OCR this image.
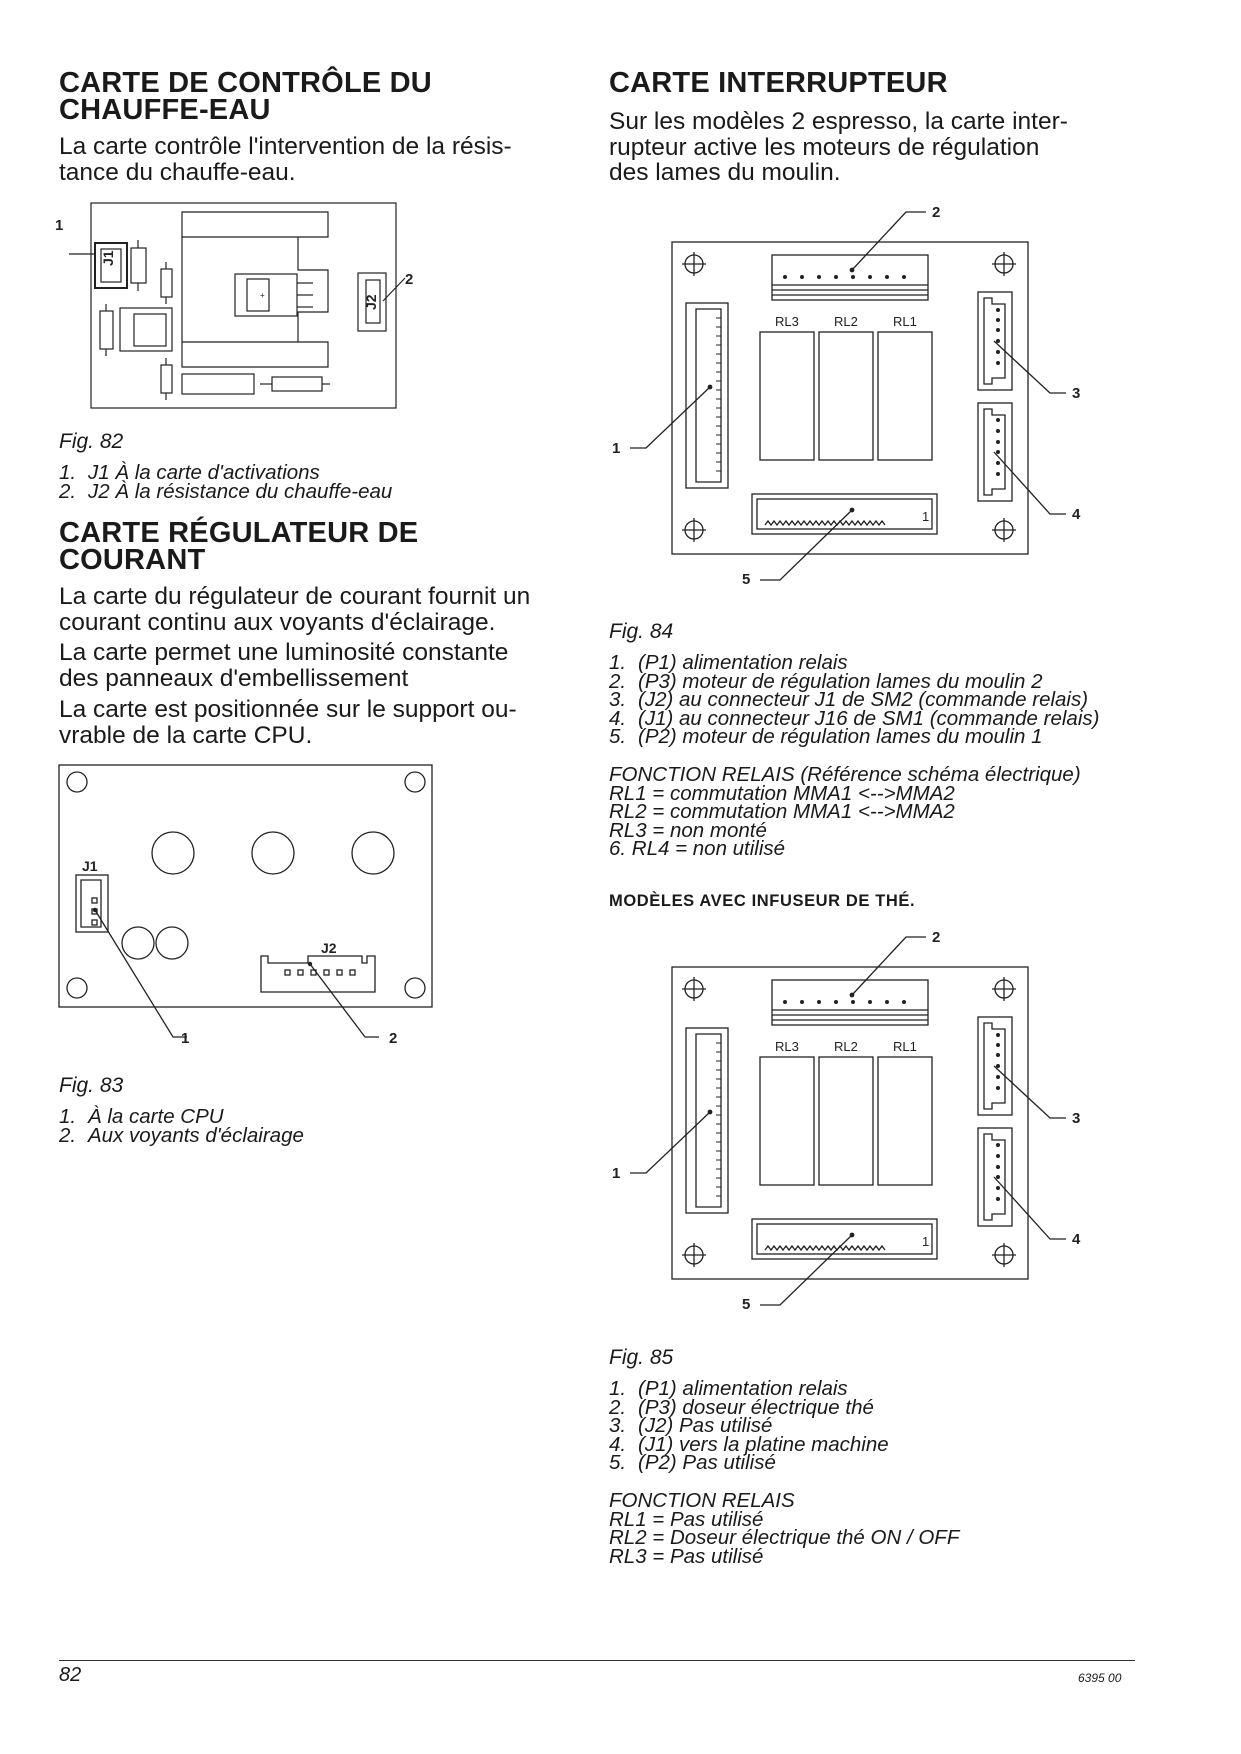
CARTE DE CONTRÔLE DU
CHAUFFE-EAU

La carte contrôle l'intervention de la résis-
tance du chauffe-eau.

+
J1
J2
1
2
Fig. 82
1. J1 À la carte d'activations
2. J2 À la résistance du chauffe-eau
CARTE RÉGULATEUR DE
COURANT

La carte du régulateur de courant fournit un
courant continu aux voyants d'éclairage.

La carte permet une luminosité constante
des panneaux d'embellissement

La carte est positionnée sur le support ou-
vrable de la carte CPU.

J1
J2
1	2
Fig. 83
1. À la carte CPU
2. Aux voyants d'éclairage
CARTE INTERRUPTEUR

Sur les modèles 2 espresso, la carte inter-
rupteur active les moteurs de régulation
des lames du moulin.

RL3	RL2	RL1
1
1
2
3
4
5
Fig. 84
1. (P1) alimentation relais
2. (P3) moteur de régulation lames du moulin 2
3. (J2) au connecteur J1 de SM2 (commande relais)
4. (J1) au connecteur J16 de SM1 (commande relais)
5. (P2) moteur de régulation lames du moulin 1
FONCTION RELAIS (Référence schéma électrique)
RL1 = commutation MMA1 <-->MMA2
RL2 = commutation MMA1 <-->MMA2
RL3 = non monté
6. RL4 = non utilisé
MODÈLES AVEC INFUSEUR DE THÉ.
RL3	RL2	RL1
1
1
2
3
4
5
Fig. 85
1. (P1) alimentation relais
2. (P3) doseur électrique thé
3. (J2) Pas utilisé
4. (J1) vers la platine machine
5. (P2) Pas utilisé
FONCTION RELAIS
RL1 = Pas utilisé
RL2 = Doseur électrique thé ON / OFF
RL3 = Pas utilisé
82	6395 00
